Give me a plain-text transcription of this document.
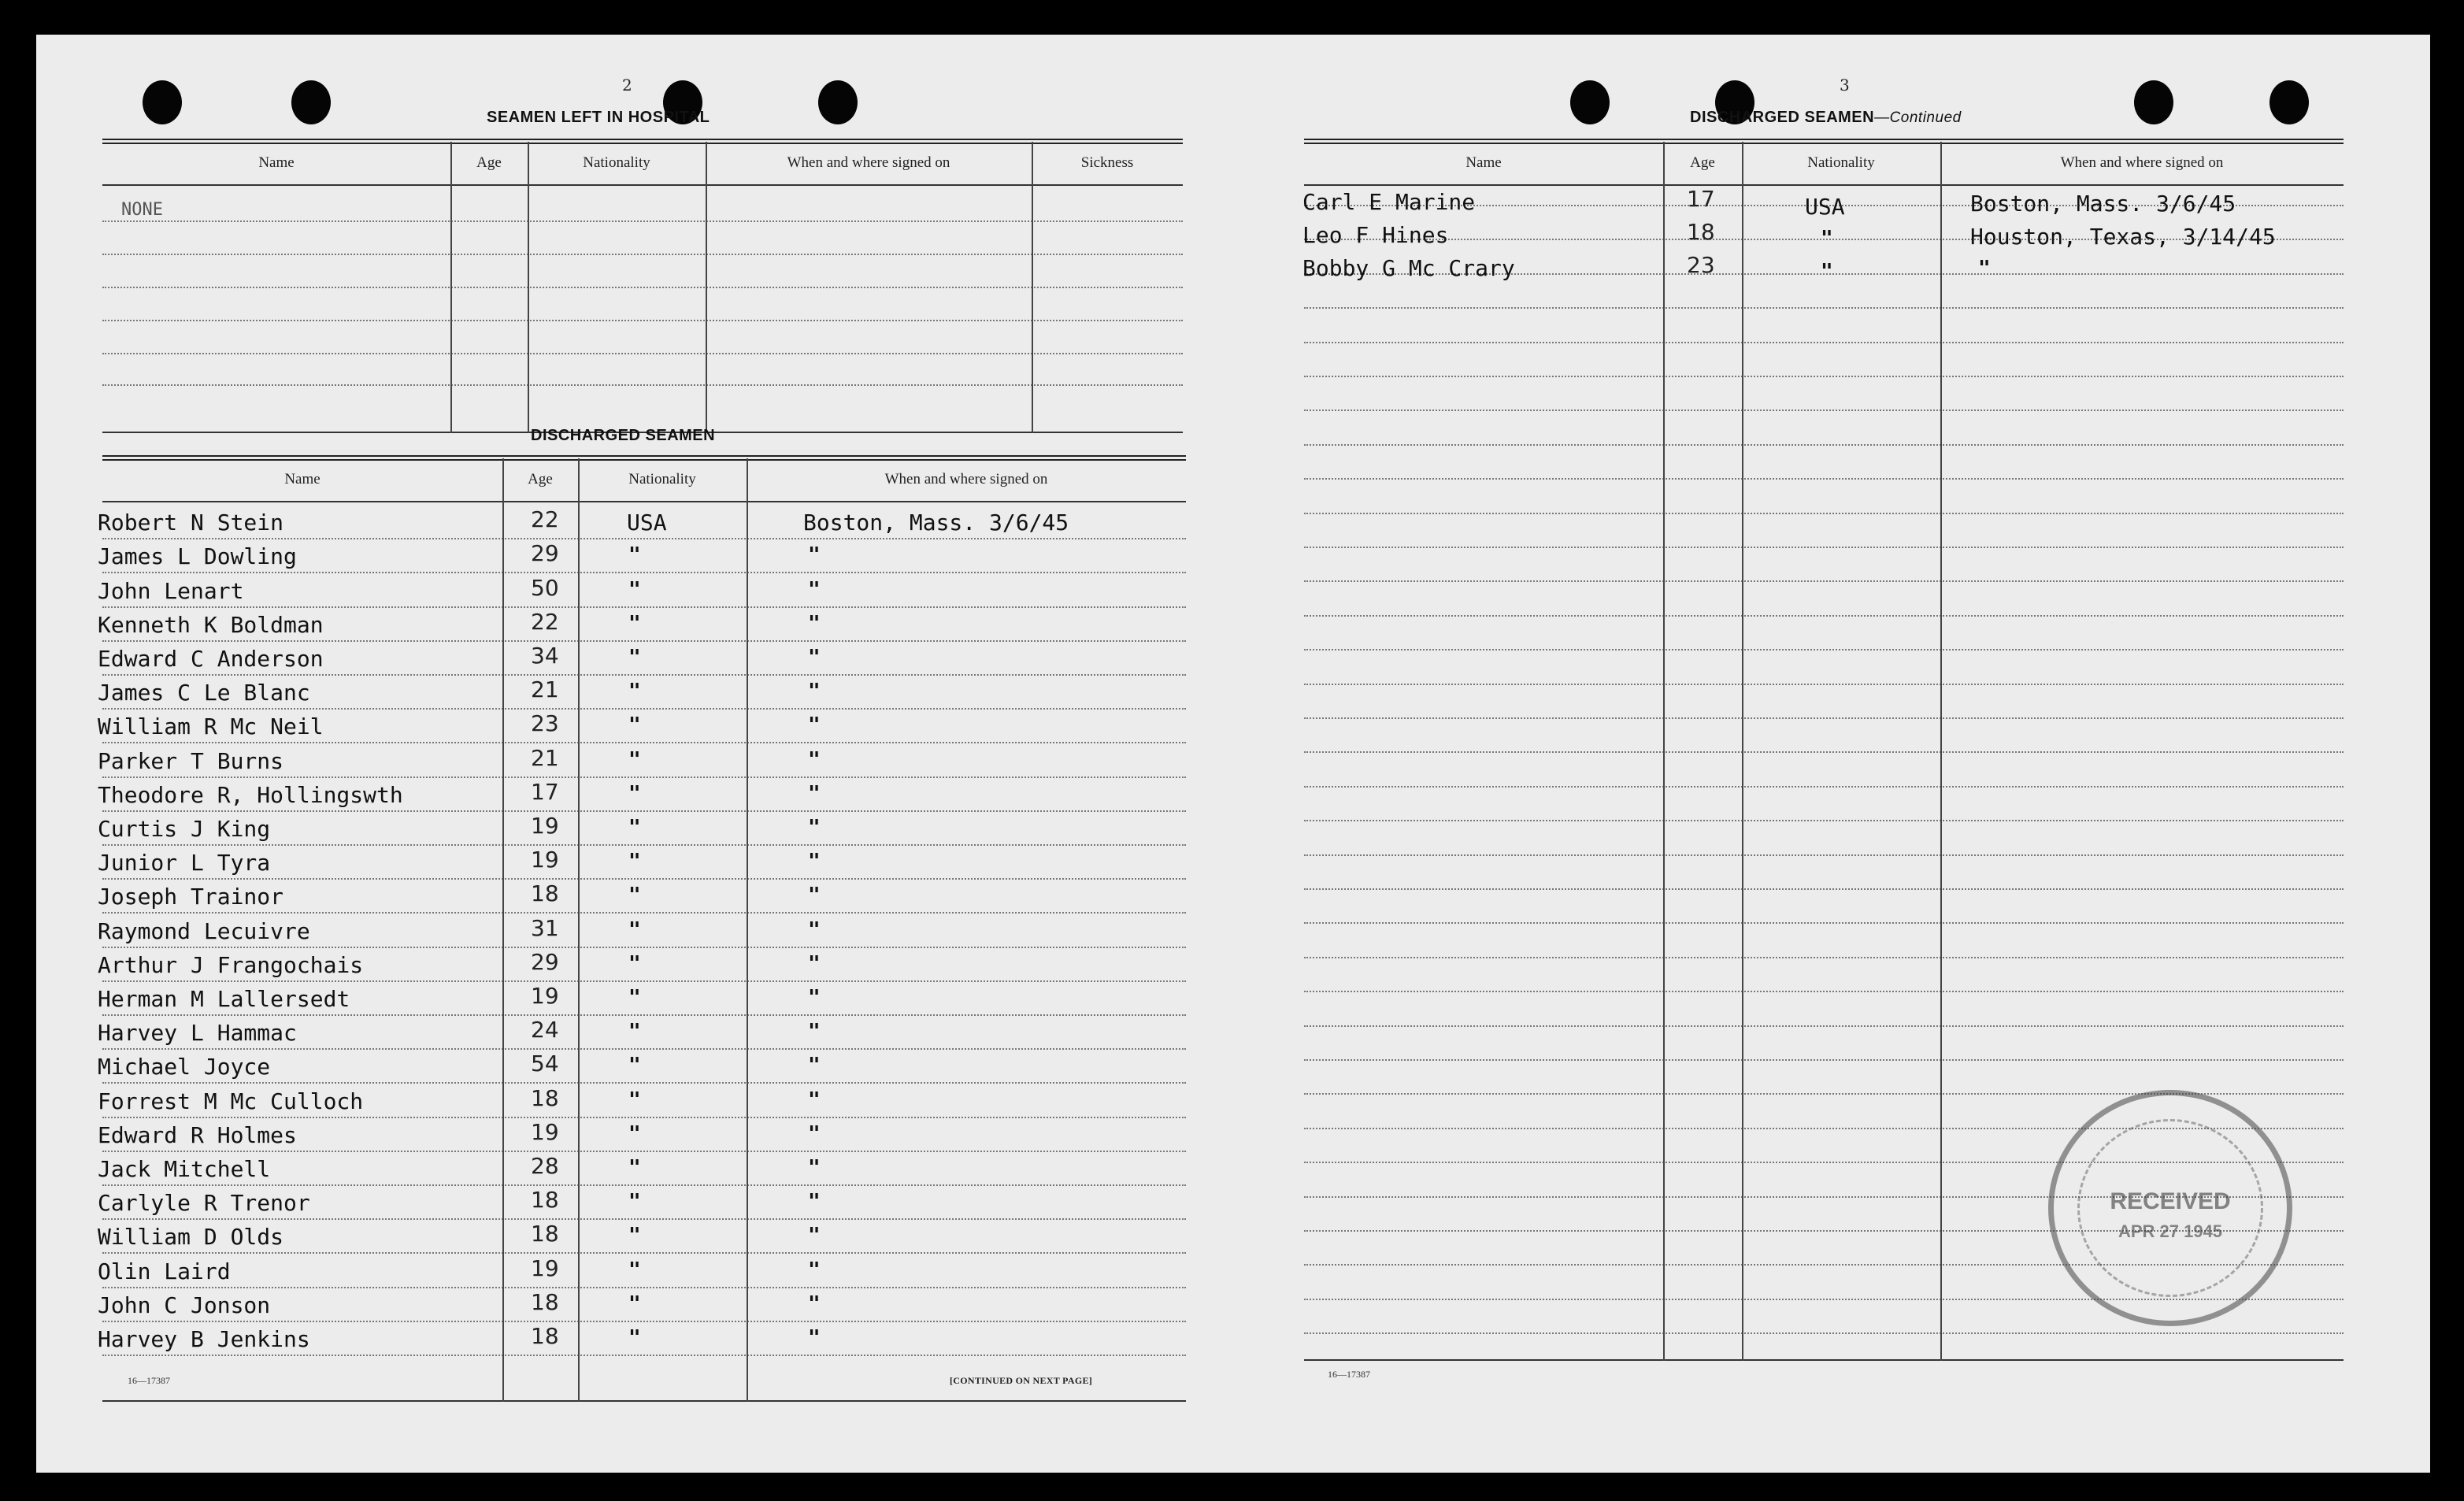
2
SEAMEN LEFT IN HOSPITAL
Name	Age	Nationality	When and where signed on	Sickness
NONE
DISCHARGED SEAMEN
Name	Age	Nationality	When and where signed on
Robert N Stein	22	USA	Boston, Mass. 3/6/45
James L Dowling	29	"	"
John Lenart	50	"	"
Kenneth K Boldman	22	"	"
Edward C Anderson	34	"	"
James C Le Blanc	21	"	"
William R Mc Neil	23	"	"
Parker T Burns	21	"	"
Theodore R, Hollingswth	17	"	"
Curtis J King	19	"	"
Junior L Tyra	19	"	"
Joseph Trainor	18	"	"
Raymond Lecuivre	31	"	"
Arthur J Frangochais	29	"	"
Herman M Lallersedt	19	"	"
Harvey L Hammac	24	"	"
Michael Joyce	54	"	"
Forrest M Mc Culloch	18	"	"
Edward R Holmes	19	"	"
Jack Mitchell	28	"	"
Carlyle R Trenor	18	"	"
William D Olds	18	"	"
Olin Laird	19	"	"
John C Jonson	18	"	"
Harvey B Jenkins	18	"	"
16—17387	[CONTINUED ON NEXT PAGE]
3
DISCHARGED SEAMEN—Continued
Name	Age	Nationality	When and where signed on
Carl E Marine	17	USA	Boston, Mass. 3/6/45
Leo F Hines	18	"	Houston, Texas, 3/14/45
Bobby G Mc Crary	23	"	"
16—17387
RECEIVED
APR 27 1945
